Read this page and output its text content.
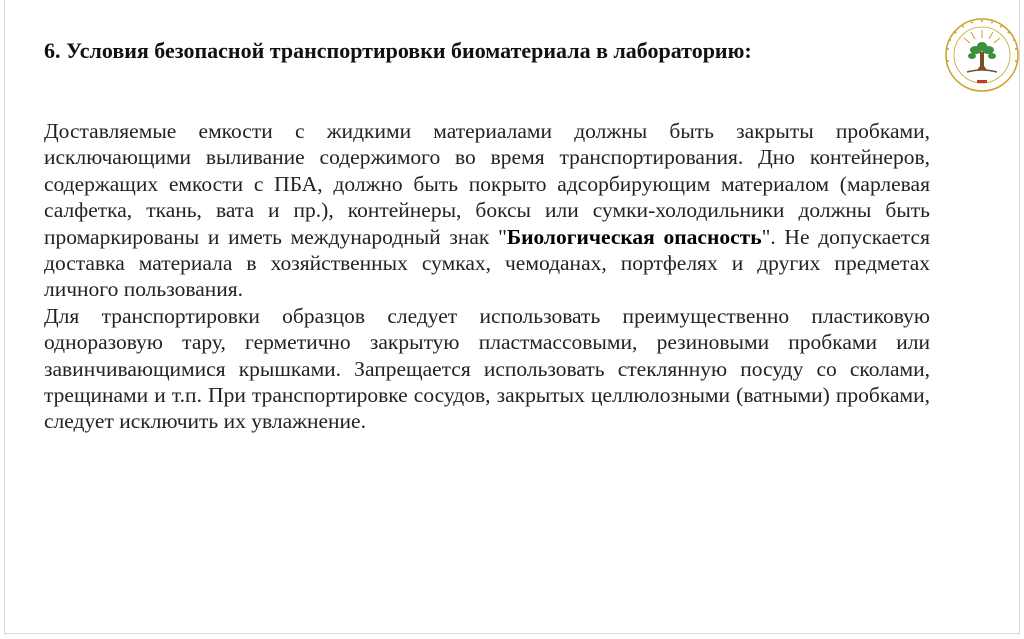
6. Условия безопасной транспортировки биоматериала в лабораторию:

Доставляемые емкости с жидкими материалами должны быть закрыты пробками, исключающими выливание содержимого во время транспортирования. Дно контейнеров, содержащих емкости с ПБА, должно быть покрыто адсорбирующим материалом (марлевая салфетка, ткань, вата и пр.), контейнеры, боксы или сумки-холодильники должны быть промаркированы и иметь международный знак "Биологическая опасность". Не допускается доставка материала в хозяйственных сумках, чемоданах, портфелях и других предметах личного пользования.

Для транспортировки образцов следует использовать преимущественно пластиковую одноразовую тару, герметично закрытую пластмассовыми, резиновыми пробками или завинчивающимися крышками. Запрещается использовать стеклянную посуду со сколами, трещинами и т.п. При транспортировке сосудов, закрытых целлюлозными (ватными) пробками, следует исключить их увлажнение.
